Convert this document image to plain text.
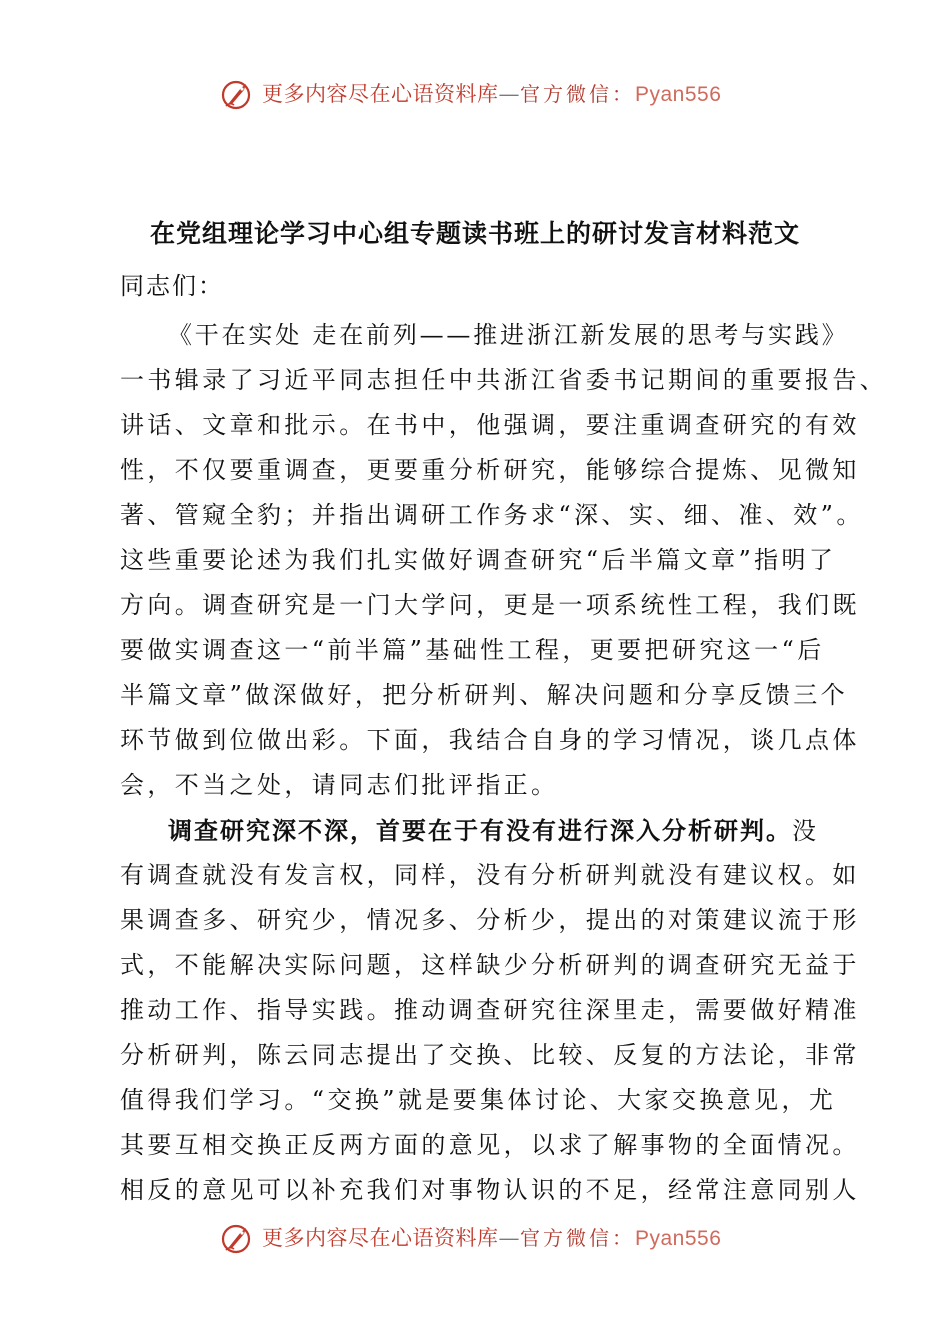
更多内容尽在心语资料库—官方微信：Pyan556
在党组理论学习中心组专题读书班上的研讨发言材料范文
同志们：
《干在实处 走在前列——推进浙江新发展的思考与实践》
一书辑录了习近平同志担任中共浙江省委书记期间的重要报告、
讲话、文章和批示。在书中，他强调，要注重调查研究的有效
性，不仅要重调查，更要重分析研究，能够综合提炼、见微知
著、管窥全豹；并指出调研工作务求“深、实、细、准、效”。
这些重要论述为我们扎实做好调查研究“后半篇文章”指明了
方向。调查研究是一门大学问，更是一项系统性工程，我们既
要做实调查这一“前半篇”基础性工程，更要把研究这一“后
半篇文章”做深做好，把分析研判、解决问题和分享反馈三个
环节做到位做出彩。下面，我结合自身的学习情况，谈几点体
会，不当之处，请同志们批评指正。
调查研究深不深，首要在于有没有进行深入分析研判。没
有调查就没有发言权，同样，没有分析研判就没有建议权。如
果调查多、研究少，情况多、分析少，提出的对策建议流于形
式，不能解决实际问题，这样缺少分析研判的调查研究无益于
推动工作、指导实践。推动调查研究往深里走，需要做好精准
分析研判，陈云同志提出了交换、比较、反复的方法论，非常
值得我们学习。“交换”就是要集体讨论、大家交换意见，尤
其要互相交换正反两方面的意见，以求了解事物的全面情况。
相反的意见可以补充我们对事物认识的不足，经常注意同别人
更多内容尽在心语资料库—官方微信：Pyan556
